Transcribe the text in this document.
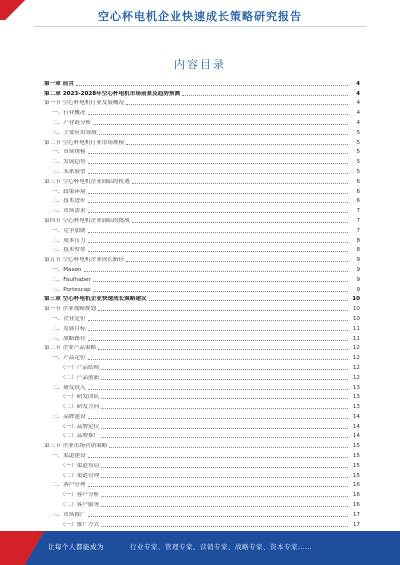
空心杯电机企业快速成长策略研究报告
内容目录
第一章 前言	4
第二章 2023-2028年空心杯电机市场前景及趋势预测	4
第一节 空心杯电机行业发展概况	4
一、行业概况	4
二、产业链分析	4
三、主要应用领域	5
第二节 空心杯电机行业市场规模	5
一、市场规模	5
二、发展趋势	5
三、未来展望	5
第三节 空心杯电机企业面临的机遇	6
一、政策环境	6
二、技术进步	6
三、市场需求	7
第四节 空心杯电机企业面临的挑战	7
一、竞争加剧	7
二、成本压力	8
三、技术壁垒	8
第五节 空心杯电机企业成长路径	9
一、Maxon	9
二、Faulhaber	9
三、Portescap	9
第三章 空心杯电机企业快速成长策略建议	10
第一节 企业战略规划	10
一、企业定位	10
二、发展目标	11
三、战略路径	11
第二节 企业产品策略	12
一、产品定位	12
（一）产品结构	12
（二）产品创新	12
二、研发投入	13
（一）研发团队	13
（二）研发方向	13
三、品牌建设	14
（一）品牌定位	14
（二）品牌推广	14
第三节 企业市场营销策略	15
一、渠道建设	15
（一）渠道布局	15
（二）渠道管理	15
二、客户管理	16
（一）客户分析	16
（二）客户服务	16
三、市场推广	17
（一）推广方式	17
让每个人都能成为	行业专家、管理专家、营销专家、战略专家、资本专家……
